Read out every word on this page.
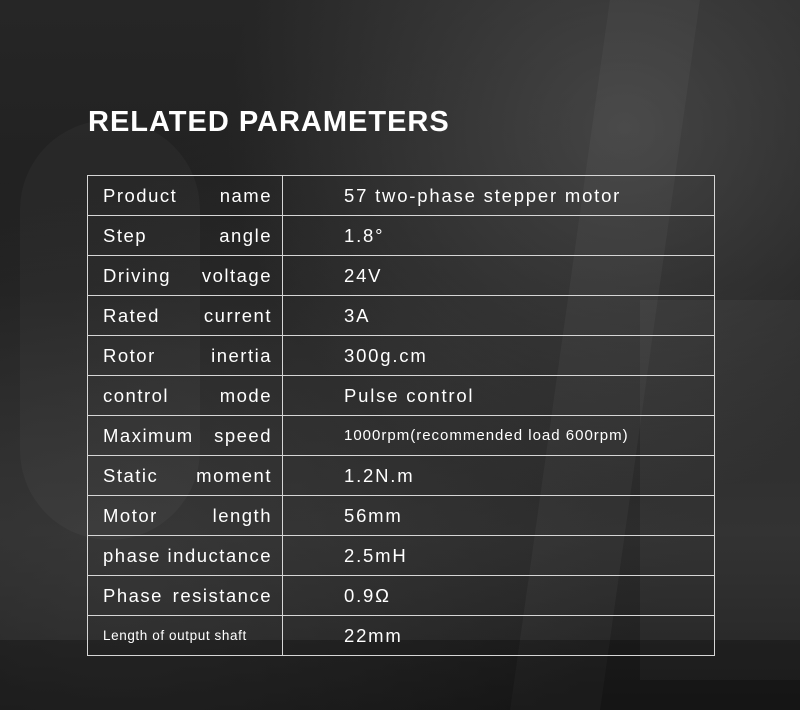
RELATED PARAMETERS
Product name	57 two-phase stepper motor
Step angle	1.8°
Driving voltage	24V
Rated current	3A
Rotor inertia	300g.cm
control mode	Pulse control
Maximum speed	1000rpm(recommended load 600rpm)
Static moment	1.2N.m
Motor length	56mm
phase inductance	2.5mH
Phase resistance	0.9Ω
Length of output shaft	22mm
